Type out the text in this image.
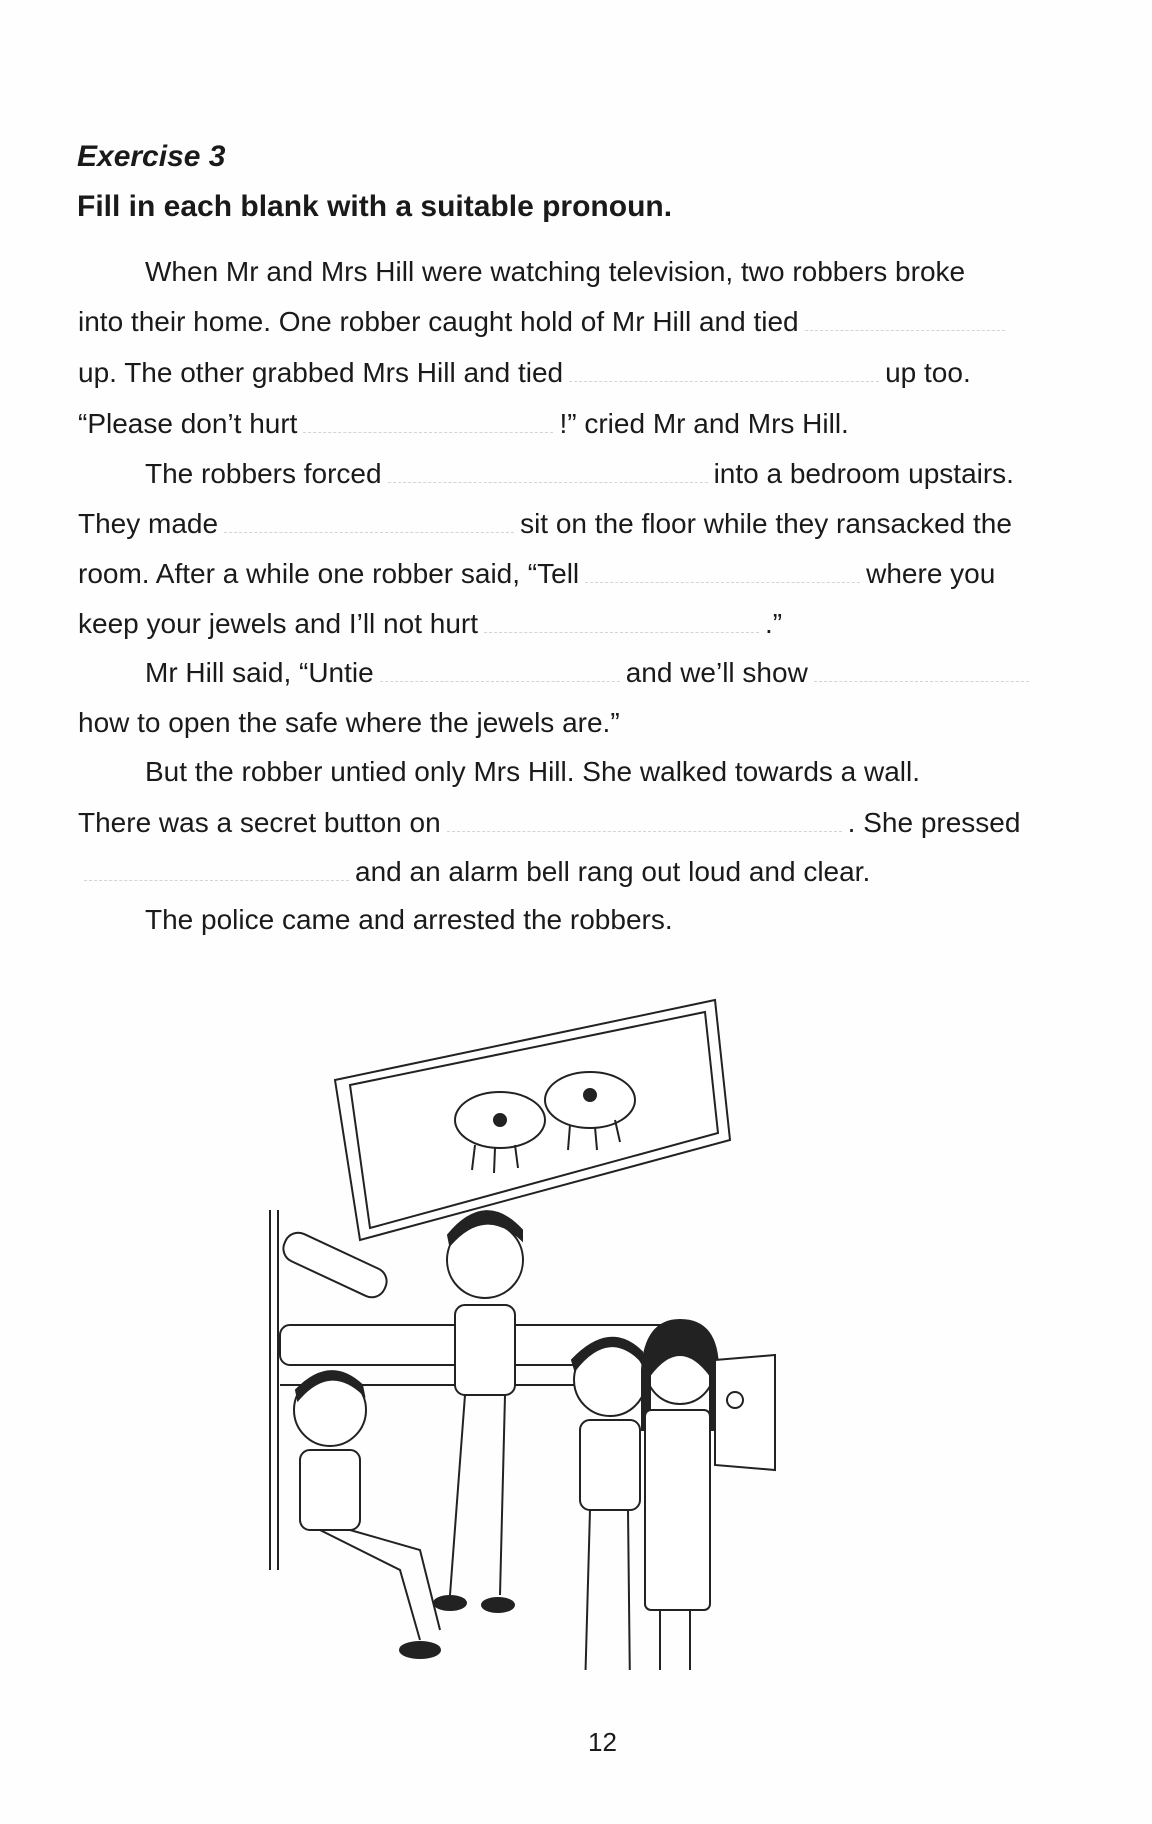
Exercise 3
Fill in each blank with a suitable pronoun.
When Mr and Mrs Hill were watching television, two robbers broke
into their home. One robber caught hold of Mr Hill and tied
up. The other grabbed Mrs Hill and tied	up too.
“Please don’t hurt	!” cried Mr and Mrs Hill.
The robbers forced	into a bedroom upstairs.
They made	sit on the floor while they ransacked the
room. After a while one robber said, “Tell	where you
keep your jewels and I’ll not hurt	.”
Mr Hill said, “Untie	and we’ll show
how to open the safe where the jewels are.”
But the robber untied only Mrs Hill. She walked towards a wall.
There was a secret button on	. She pressed
and an alarm bell rang out loud and clear.
The police came and arrested the robbers.
12
